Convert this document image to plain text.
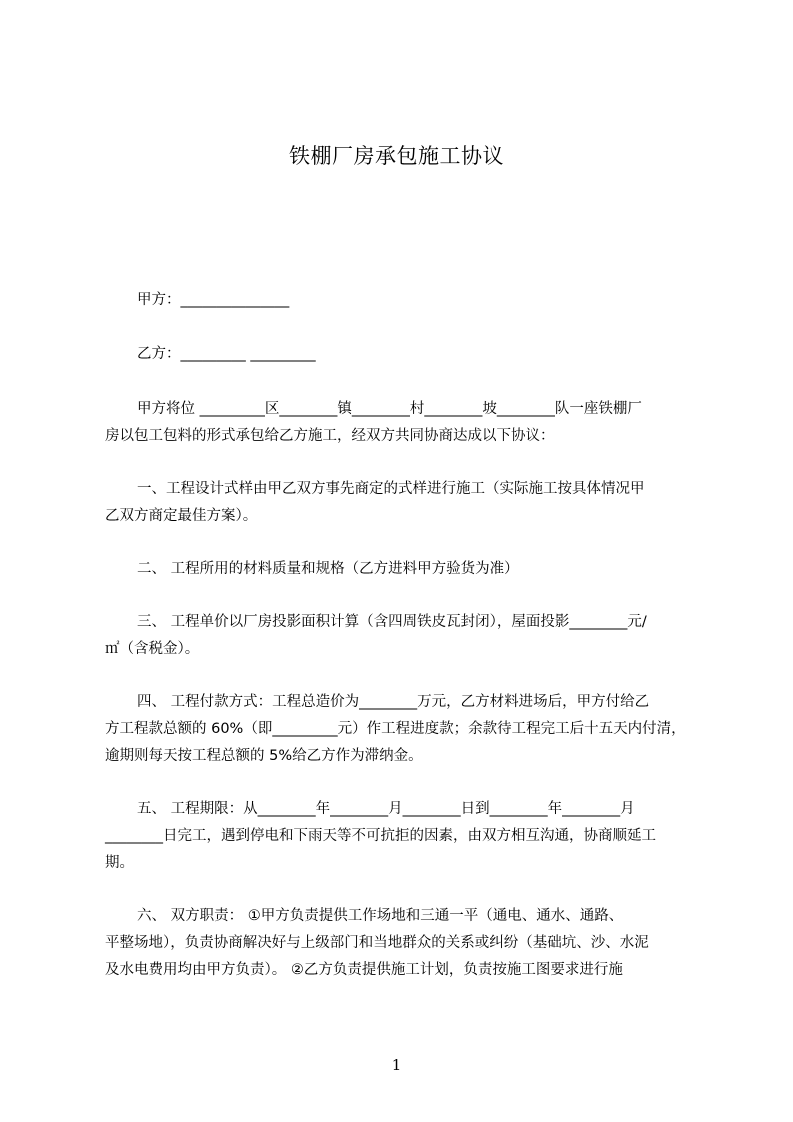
铁棚厂房承包施工协议
甲方：_______________
乙方：_________ _________
甲方将位 _________区________镇________村________坡________队一座铁棚厂
房以包工包料的形式承包给乙方施工，经双方共同协商达成以下协议：
一、工程设计式样由甲乙双方事先商定的式样进行施工（实际施工按具体情况甲
乙双方商定最佳方案）。
二、 工程所用的材料质量和规格（乙方进料甲方验货为准）
三、 工程单价以厂房投影面积计算（含四周铁皮瓦封闭），屋面投影________元/
㎡（含税金）。
四、 工程付款方式：工程总造价为________万元，乙方材料进场后，甲方付给乙
方工程款总额的 60%（即_________元）作工程进度款；余款待工程完工后十五天内付清，
逾期则每天按工程总额的 5%给乙方作为滞纳金。
五、 工程期限：从________年________月________日到________年________月
________日完工，遇到停电和下雨天等不可抗拒的因素，由双方相互沟通，协商顺延工
期。
六、 双方职责： ①甲方负责提供工作场地和三通一平（通电、通水、通路、
平整场地），负责协商解决好与上级部门和当地群众的关系或纠纷（基础坑、沙、水泥
及水电费用均由甲方负责）。 ②乙方负责提供施工计划，负责按施工图要求进行施
1
